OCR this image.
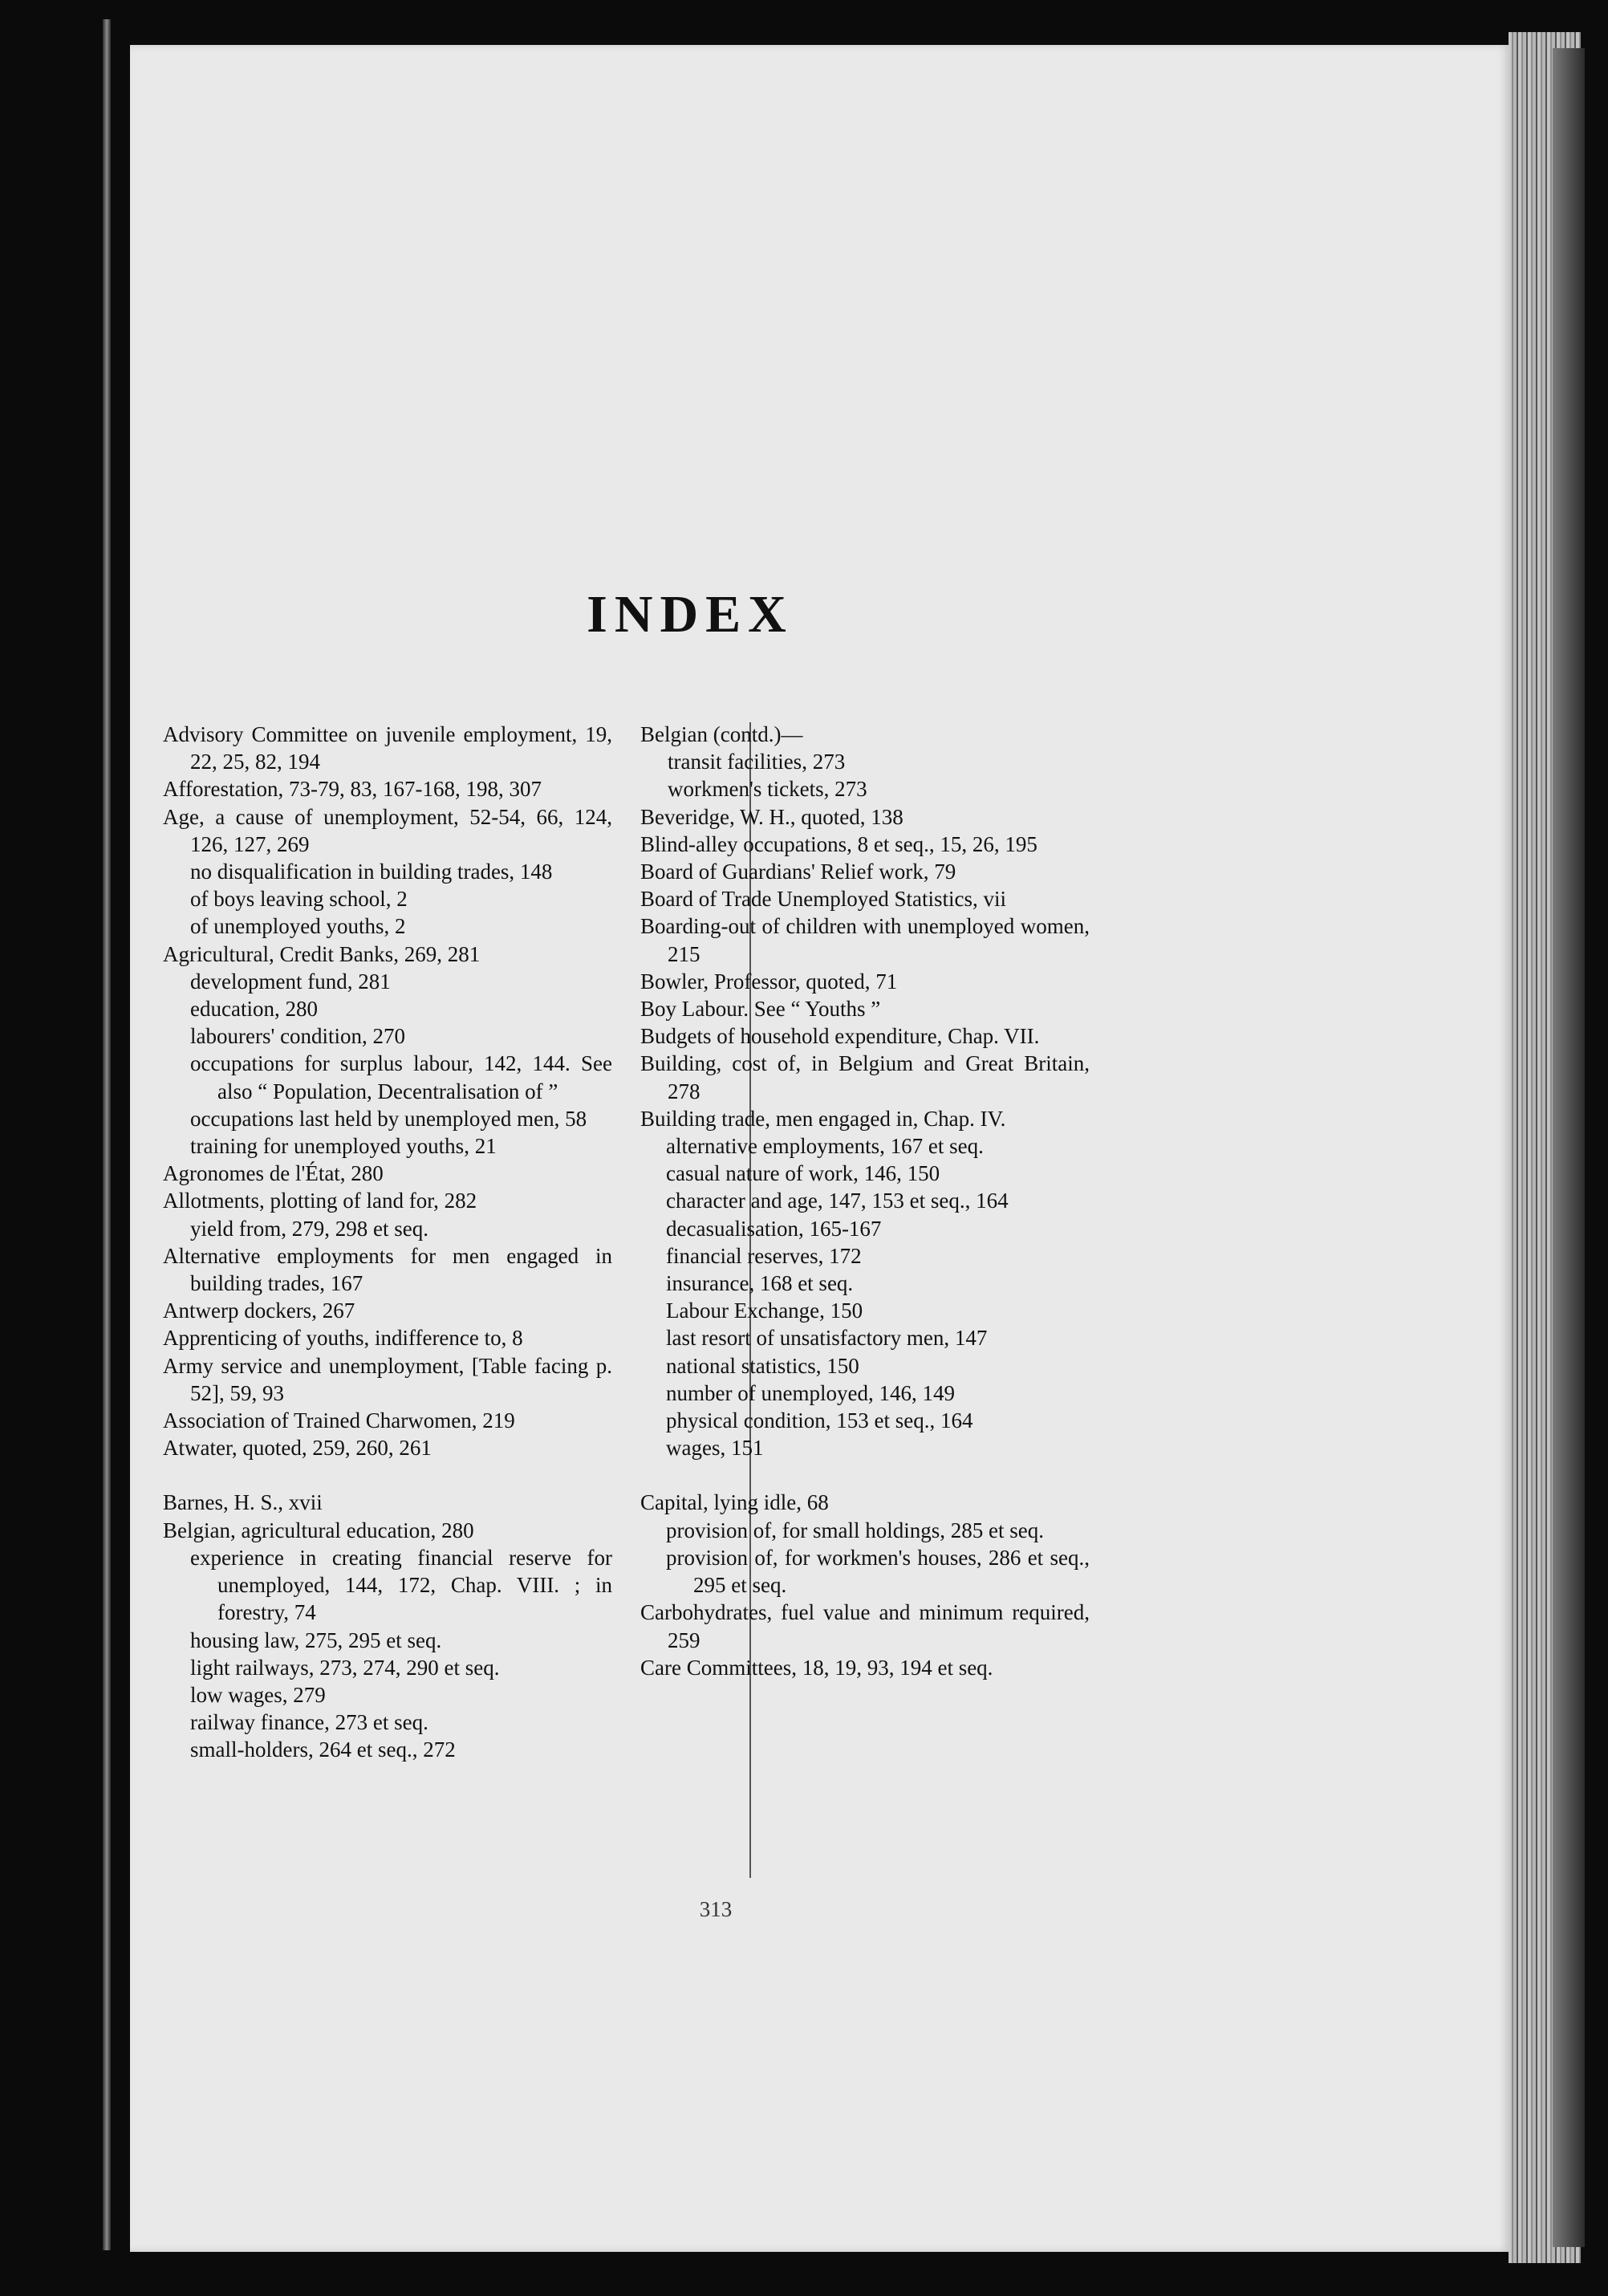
INDEX
Advisory Committee on juvenile employment, 19, 22, 25, 82, 194
Afforestation, 73-79, 83, 167-168, 198, 307
Age, a cause of unemployment, 52-54, 66, 124, 126, 127, 269
no disqualification in building trades, 148
of boys leaving school, 2
of unemployed youths, 2
Agricultural, Credit Banks, 269, 281
development fund, 281
education, 280
labourers' condition, 270
occupations for surplus labour, 142, 144. See also “ Population, Decentralisation of ”
occupations last held by unemployed men, 58
training for unemployed youths, 21
Agronomes de l'État, 280
Allotments, plotting of land for, 282
yield from, 279, 298 et seq.
Alternative employments for men engaged in building trades, 167
Antwerp dockers, 267
Apprenticing of youths, indifference to, 8
Army service and unemployment, [Table facing p. 52], 59, 93
Association of Trained Charwomen, 219
Atwater, quoted, 259, 260, 261
Barnes, H. S., xvii
Belgian, agricultural education, 280
experience in creating financial reserve for unemployed, 144, 172, Chap. VIII. ; in forestry, 74
housing law, 275, 295 et seq.
light railways, 273, 274, 290 et seq.
low wages, 279
railway finance, 273 et seq.
small-holders, 264 et seq., 272
Belgian (contd.)—
transit facilities, 273
workmen's tickets, 273
Beveridge, W. H., quoted, 138
Blind-alley occupations, 8 et seq., 15, 26, 195
Board of Guardians' Relief work, 79
Board of Trade Unemployed Statistics, vii
Boarding-out of children with unemployed women, 215
Bowler, Professor, quoted, 71
Boy Labour. See “ Youths ”
Budgets of household expenditure, Chap. VII.
Building, cost of, in Belgium and Great Britain, 278
Building trade, men engaged in, Chap. IV.
alternative employments, 167 et seq.
casual nature of work, 146, 150
character and age, 147, 153 et seq., 164
decasualisation, 165-167
financial reserves, 172
insurance, 168 et seq.
Labour Exchange, 150
last resort of unsatisfactory men, 147
national statistics, 150
number of unemployed, 146, 149
physical condition, 153 et seq., 164
wages, 151
Capital, lying idle, 68
provision of, for small holdings, 285 et seq.
provision of, for workmen's houses, 286 et seq., 295 et seq.
Carbohydrates, fuel value and minimum required, 259
Care Committees, 18, 19, 93, 194 et seq.
313
